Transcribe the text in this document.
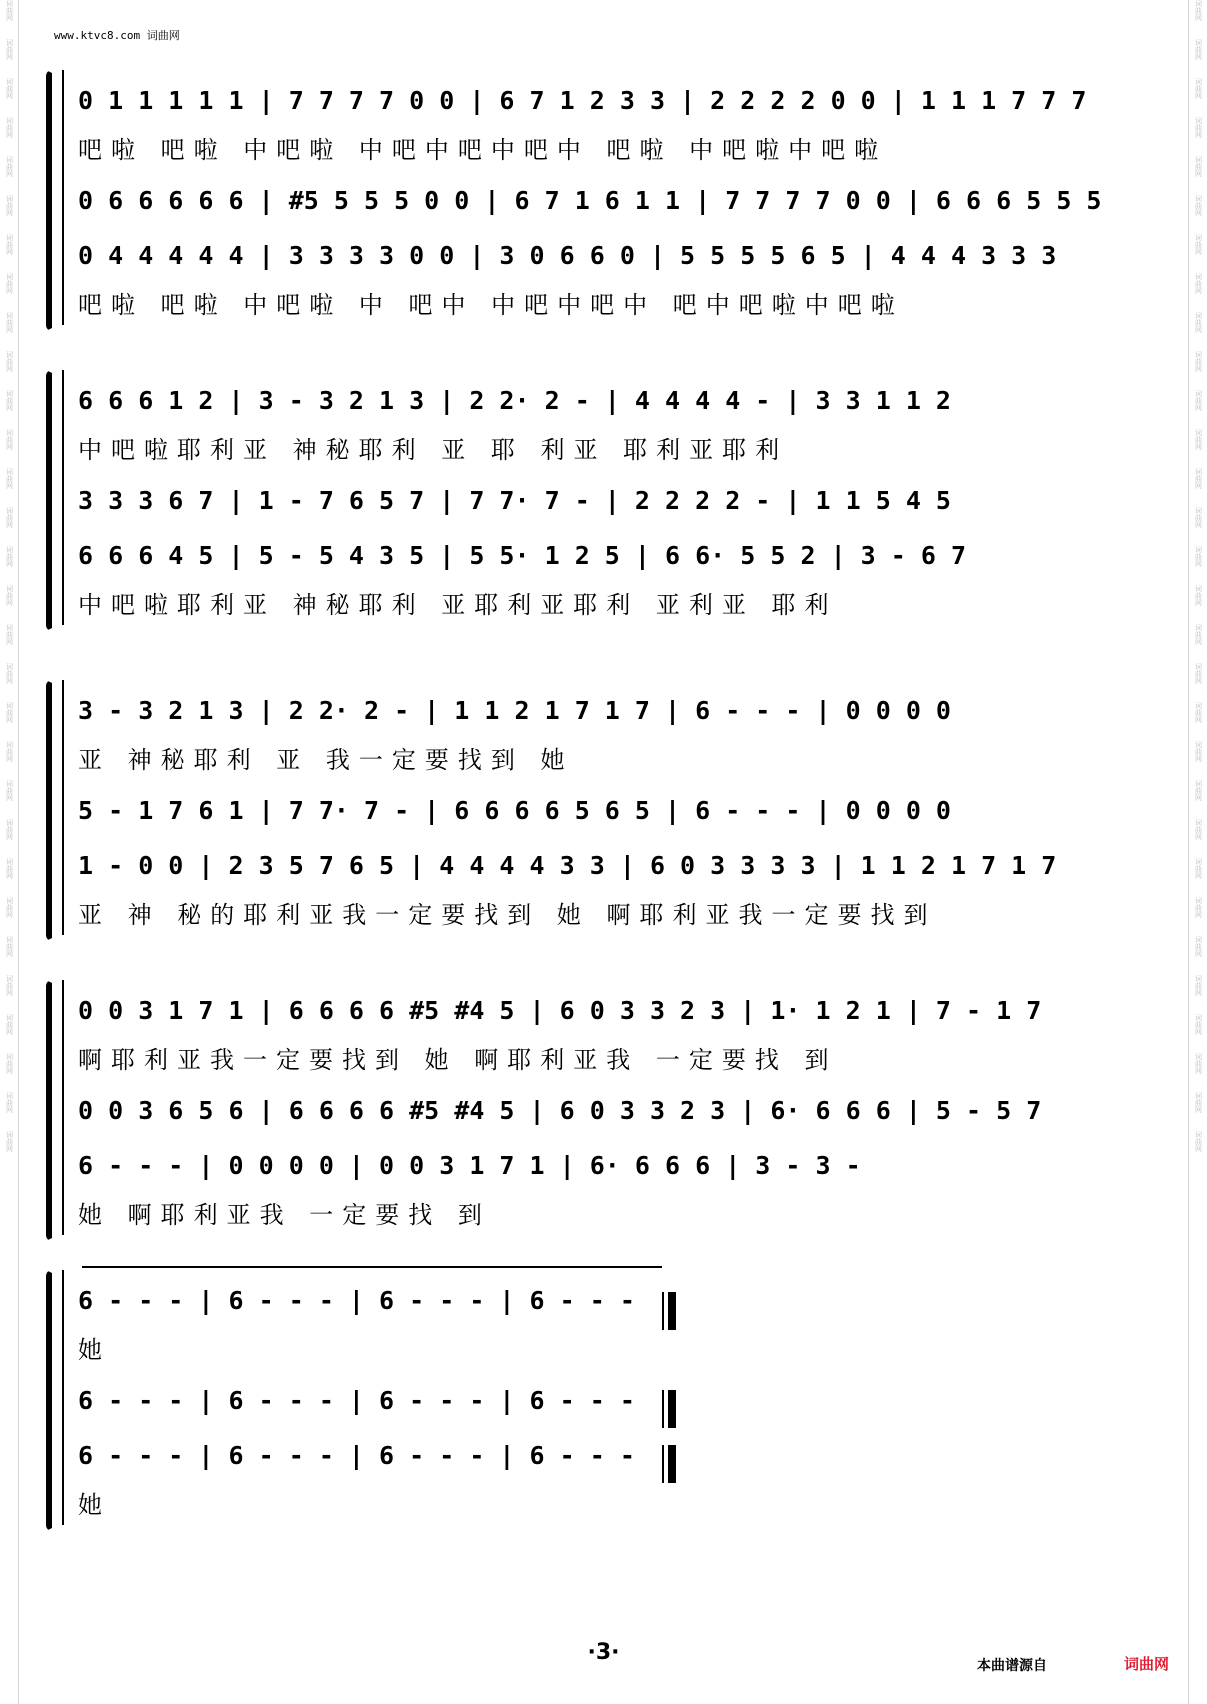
词曲网
词曲网
词曲网
词曲网
词曲网
词曲网
词曲网
词曲网
词曲网
词曲网
词曲网
词曲网
词曲网
词曲网
词曲网
词曲网
词曲网
词曲网
词曲网
词曲网
词曲网
词曲网
词曲网
词曲网
词曲网
词曲网
词曲网
词曲网
词曲网
词曲网
词曲网
词曲网
词曲网
词曲网
词曲网
词曲网
词曲网
词曲网
词曲网
词曲网
词曲网
词曲网
词曲网
词曲网
词曲网
词曲网
词曲网
词曲网
词曲网
词曲网
词曲网
词曲网
词曲网
词曲网
词曲网
词曲网
词曲网
词曲网
词曲网
词曲网
www.ktvc8.com 词曲网
0 1 1 1 1 1 | 7 7 7 7 0 0 | 6 7 1 2 3 3 | 2 2 2 2 0 0 | 1 1 1 7 7 7
吧啦 吧啦 中吧啦 中吧中吧中吧中 吧啦 中吧啦中吧啦
0 6 6 6 6 6 | #5 5 5 5 0 0 | 6 7 1 6 1 1 | 7 7 7 7 0 0 | 6 6 6 5 5 5
0 4 4 4 4 4 | 3 3 3 3 0 0 | 3 0 6 6 0 | 5 5 5 5 6 5 | 4 4 4 3 3 3
吧啦 吧啦 中吧啦 中 吧中 中吧中吧中 吧中吧啦中吧啦
6 6 6 1 2 | 3 - 3 2 1 3 | 2 2· 2 - | 4 4 4 4 - | 3 3 1 1 2
中吧啦耶利亚 神秘耶利 亚 耶 利亚 耶利亚耶利
3 3 3 6 7 | 1 - 7 6 5 7 | 7 7· 7 - | 2 2 2 2 - | 1 1 5 4 5
6 6 6 4 5 | 5 - 5 4 3 5 | 5 5· 1 2 5 | 6 6· 5 5 2 | 3 - 6 7
中吧啦耶利亚 神秘耶利 亚耶利亚耶利 亚利亚 耶利
3 - 3 2 1 3 | 2 2· 2 - | 1 1 2 1 7 1 7 | 6 - - - | 0 0 0 0
亚 神秘耶利 亚 我一定要找到 她
5 - 1 7 6 1 | 7 7· 7 - | 6 6 6 6 5 6 5 | 6 - - - | 0 0 0 0
1 - 0 0 | 2 3 5 7 6 5 | 4 4 4 4 3 3 | 6 0 3 3 3 3 | 1 1 2 1 7 1 7
亚 神 秘的耶利亚我一定要找到 她 啊耶利亚我一定要找到
0 0 3 1 7 1 | 6 6 6 6 #5 #4 5 | 6 0 3 3 2 3 | 1· 1 2 1 | 7 - 1 7
啊耶利亚我一定要找到 她 啊耶利亚我 一定要找 到
0 0 3 6 5 6 | 6 6 6 6 #5 #4 5 | 6 0 3 3 2 3 | 6· 6 6 6 | 5 - 5 7
6 - - - | 0 0 0 0 | 0 0 3 1 7 1 | 6· 6 6 6 | 3 - 3 -
她 啊耶利亚我 一定要找 到
6 - - - | 6 - - - | 6 - - - | 6 - - -
她
6 - - - | 6 - - - | 6 - - - | 6 - - -
6 - - - | 6 - - - | 6 - - - | 6 - - -
她
·3·
本曲谱源自	词曲网
